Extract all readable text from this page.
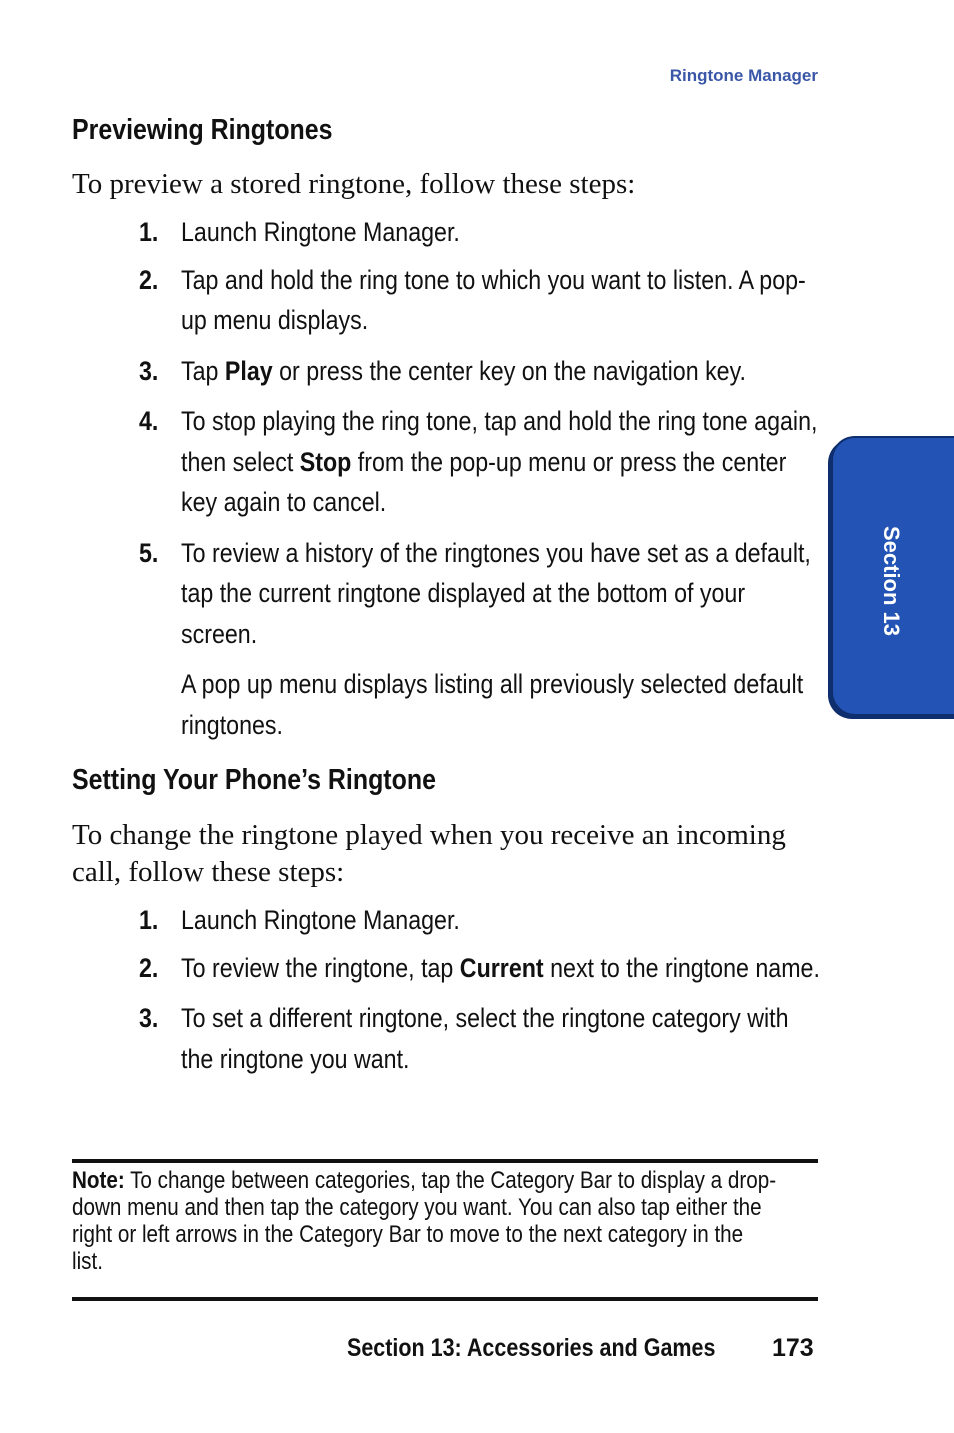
Ringtone Manager
Previewing Ringtones

To preview a stored ringtone, follow these steps:

1. Launch Ringtone Manager.
2. Tap and hold the ring tone to which you want to listen. A pop-up menu displays.
3. Tap Play or press the center key on the navigation key.
4. To stop playing the ring tone, tap and hold the ring tone again, then select Stop from the pop-up menu or press the center key again to cancel.
5. To review a history of the ringtones you have set as a default, tap the current ringtone displayed at the bottom of your screen.
A pop up menu displays listing all previously selected default ringtones.
Setting Your Phone’s Ringtone

To change the ringtone played when you receive an incoming call, follow these steps:

1. Launch Ringtone Manager.
2. To review the ringtone, tap Current next to the ringtone name.
3. To set a different ringtone, select the ringtone category with the ringtone you want.

Note: To change between categories, tap the Category Bar to display a drop-down menu and then tap the category you want. You can also tap either the right or left arrows in the Category Bar to move to the next category in the list.

Section 13: Accessories and Games 173
Section 13
